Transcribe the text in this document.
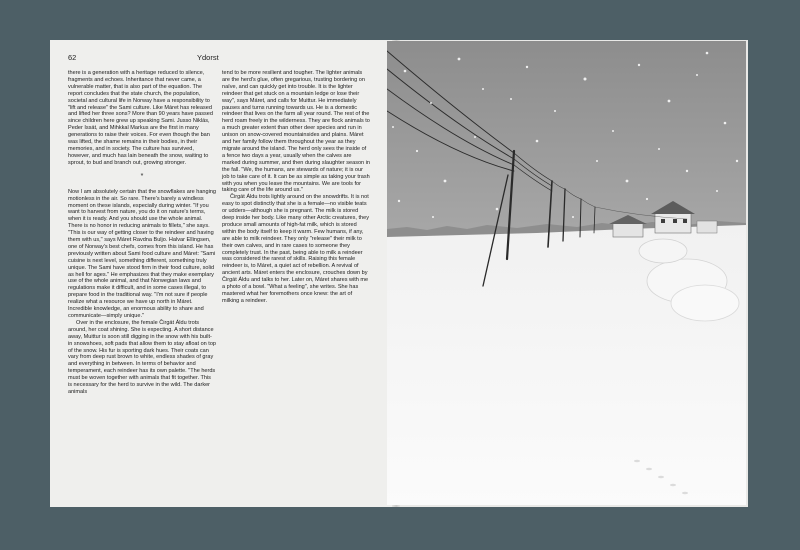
62	Ydorst

there is a generation with a heritage reduced to silence, fragments and echoes. Inheritance that never came, a vulnerable matter, that is also part of the equation. The report concludes that the state church, the population, societal and cultural life in Norway have a responsibility to "lift and release" the Sami culture. Like Máret has released and lifted her three sons? More than 90 years have passed since children here grew up speaking Sami. Jusso Niklás, Peder Issát, and Mihkkal Markus are the first in many generations to raise their voices. For even though the ban was lifted, the shame remains in their bodies, in their memories, and in society. The culture has survived, however, and much has lain beneath the snow, waiting to sprout, to bud and branch out, growing stronger.

*

Now I am absolutely certain that the snowflakes are hanging motionless in the air. So rare. There's barely a windless moment on these islands, especially during winter. "If you want to harvest from nature, you do it on nature's terms, when it is ready. And you should use the whole animal. There is no honor in reducing animals to fillets," she says. "This is our way of getting closer to the reindeer and having them with us," says Máret Ravdna Buljo. Halvar Ellingsen, one of Norway's best chefs, comes from this island. He has previously written about Sami food culture and Máret: "Sami cuisine is next level, something different, something truly unique. The Sami have stood firm in their food culture, solid as hell for ages." He emphasizes that they make exemplary use of the whole animal, and that Norwegian laws and regulations make it difficult, and in some cases illegal, to prepare food in the traditional way. "I'm not sure if people realize what a resource we have up north in Máret. Incredible knowledge, an enormous ability to share and communicate—simply unique."

Over in the enclosure, the female Čirgát Áldu trots around, her coat shining. She is expecting. A short distance away, Muittur is soon still digging in the snow with his built-in snowshoes, soft pads that allow them to stay afloat on top of the snow. His fur is sporting dark hues. Their coats can vary from deep rust brown to white, endless shades of gray and everything in between. In terms of behavior and temperament, each reindeer has its own palette. "The herds must be woven together with animals that fit together. This is necessary for the herd to survive in the wild. The darker animals

tend to be more resilient and tougher. The lighter animals are the herd's glue, often gregarious, trusting bordering on naïve, and can quickly get into trouble. It is the lighter reindeer that get stuck on a mountain ledge or lose their way", says Máret, and calls for Muittur. He immediately pauses and turns running towards us. He is a domestic reindeer that lives on the farm all year round. The rest of the herd roam freely in the wilderness. They are flock animals to a much greater extent than other deer species and run in unison on snow-covered mountainsides and plains. Máret and her family follow them throughout the year as they migrate around the island. The herd only sees the inside of a fence two days a year, usually when the calves are marked during summer, and then during slaughter season in the fall. "We, the humans, are stewards of nature; it is our job to take care of it. It can be as simple as taking your trash with you when you leave the mountains. We are tools for taking care of the life around us."

Čirgát Áldu trots lightly around on the snowdrifts. It is not easy to spot distinctly that she is a female—no visible teats or udders—although she is pregnant. The milk is stored deep inside her body. Like many other Arctic creatures, they produce small amounts of high-fat milk, which is stored within the body itself to keep it warm. Few humans, if any, are able to milk reindeer. They only "release" their milk to their own calves, and in rare cases to someone they completely trust. In the past, being able to milk a reindeer was considered the rarest of skills. Raising this female reindeer is, to Máret, a quiet act of rebellion. A revival of ancient arts. Máret enters the enclosure, crouches down by Čirgát Áldu and talks to her. Later on, Máret shares with me a photo of a bowl. "What a feeling", she writes. She has mastered what her foremothers once knew: the art of milking a reindeer.
